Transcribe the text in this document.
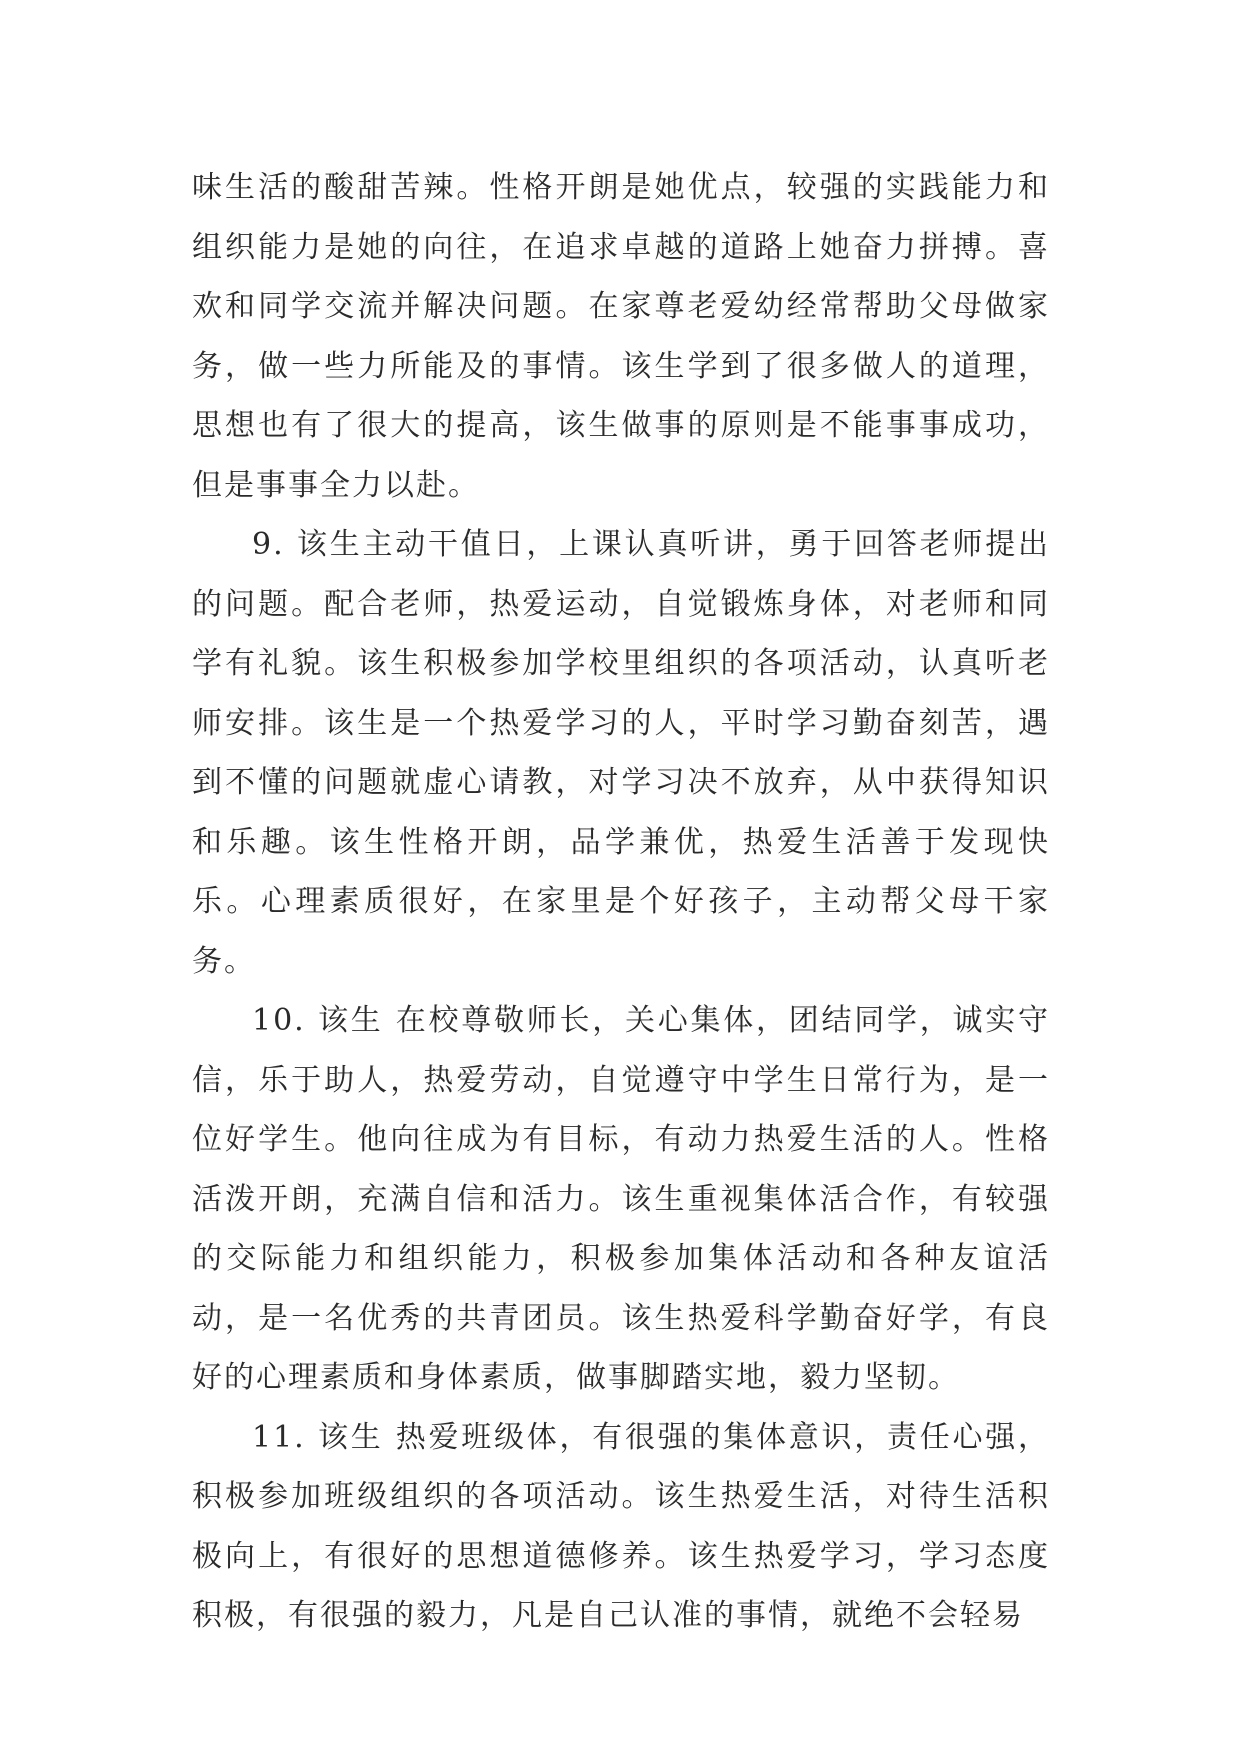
味生活的酸甜苦辣。性格开朗是她优点，较强的实践能力和组织能力是她的向往，在追求卓越的道路上她奋力拼搏。喜欢和同学交流并解决问题。在家尊老爱幼经常帮助父母做家务，做一些力所能及的事情。该生学到了很多做人的道理，思想也有了很大的提高，该生做事的原则是不能事事成功，但是事事全力以赴。

9. 该生主动干值日，上课认真听讲，勇于回答老师提出的问题。配合老师，热爱运动，自觉锻炼身体，对老师和同学有礼貌。该生积极参加学校里组织的各项活动，认真听老师安排。该生是一个热爱学习的人，平时学习勤奋刻苦，遇到不懂的问题就虚心请教，对学习决不放弃，从中获得知识和乐趣。该生性格开朗，品学兼优，热爱生活善于发现快乐。心理素质很好，在家里是个好孩子，主动帮父母干家务。

10. 该生 在校尊敬师长，关心集体，团结同学，诚实守信，乐于助人，热爱劳动，自觉遵守中学生日常行为，是一位好学生。他向往成为有目标，有动力热爱生活的人。性格活泼开朗，充满自信和活力。该生重视集体活合作，有较强的交际能力和组织能力，积极参加集体活动和各种友谊活动，是一名优秀的共青团员。该生热爱科学勤奋好学，有良好的心理素质和身体素质，做事脚踏实地，毅力坚韧。

11. 该生 热爱班级体，有很强的集体意识，责任心强，积极参加班级组织的各项活动。该生热爱生活，对待生活积极向上，有很好的思想道德修养。该生热爱学习，学习态度积极，有很强的毅力，凡是自己认准的事情，就绝不会轻易
